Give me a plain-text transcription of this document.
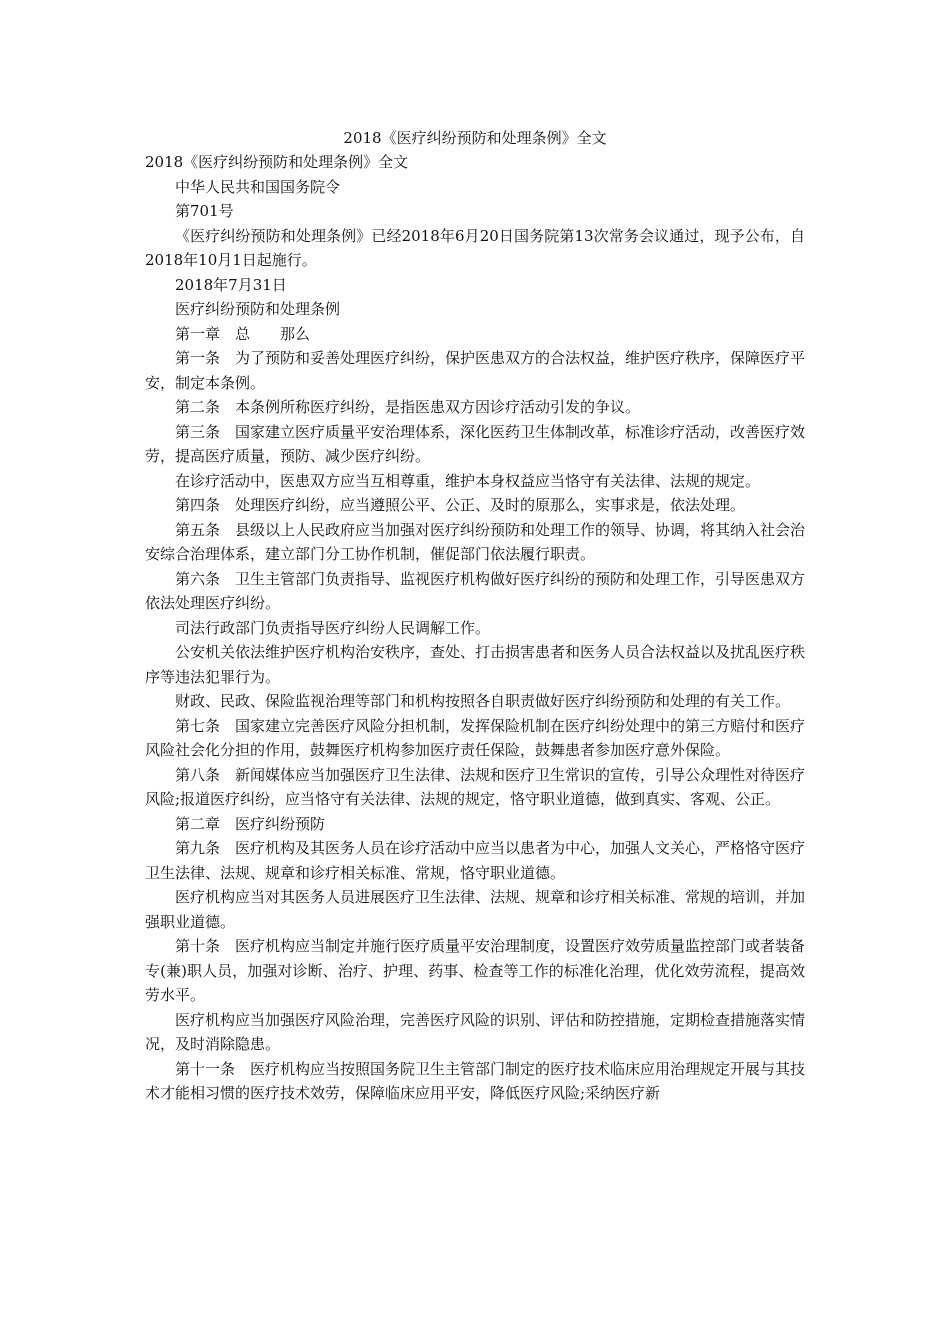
2018《医疗纠纷预防和处理条例》全文

2018《医疗纠纷预防和处理条例》全文

中华人民共和国国务院令

第701号

《医疗纠纷预防和处理条例》已经2018年6月20日国务院第13次常务会议通过，现予公布，自2018年10月1日起施行。

2018年7月31日

医疗纠纷预防和处理条例

第一章　总　　那么

第一条　为了预防和妥善处理医疗纠纷，保护医患双方的合法权益，维护医疗秩序，保障医疗平安，制定本条例。

第二条　本条例所称医疗纠纷，是指医患双方因诊疗活动引发的争议。

第三条　国家建立医疗质量平安治理体系，深化医药卫生体制改革，标准诊疗活动，改善医疗效劳，提高医疗质量，预防、减少医疗纠纷。

在诊疗活动中，医患双方应当互相尊重，维护本身权益应当恪守有关法律、法规的规定。

第四条　处理医疗纠纷，应当遵照公平、公正、及时的原那么，实事求是，依法处理。

第五条　县级以上人民政府应当加强对医疗纠纷预防和处理工作的领导、协调，将其纳入社会治安综合治理体系，建立部门分工协作机制，催促部门依法履行职责。

第六条　卫生主管部门负责指导、监视医疗机构做好医疗纠纷的预防和处理工作，引导医患双方依法处理医疗纠纷。

司法行政部门负责指导医疗纠纷人民调解工作。

公安机关依法维护医疗机构治安秩序，查处、打击损害患者和医务人员合法权益以及扰乱医疗秩序等违法犯罪行为。

财政、民政、保险监视治理等部门和机构按照各自职责做好医疗纠纷预防和处理的有关工作。

第七条　国家建立完善医疗风险分担机制，发挥保险机制在医疗纠纷处理中的第三方赔付和医疗风险社会化分担的作用，鼓舞医疗机构参加医疗责任保险，鼓舞患者参加医疗意外保险。

第八条　新闻媒体应当加强医疗卫生法律、法规和医疗卫生常识的宣传，引导公众理性对待医疗风险;报道医疗纠纷，应当恪守有关法律、法规的规定，恪守职业道德，做到真实、客观、公正。

第二章　医疗纠纷预防

第九条　医疗机构及其医务人员在诊疗活动中应当以患者为中心，加强人文关心，严格恪守医疗卫生法律、法规、规章和诊疗相关标准、常规，恪守职业道德。

医疗机构应当对其医务人员进展医疗卫生法律、法规、规章和诊疗相关标准、常规的培训，并加强职业道德。

第十条　医疗机构应当制定并施行医疗质量平安治理制度，设置医疗效劳质量监控部门或者装备专(兼)职人员，加强对诊断、治疗、护理、药事、检查等工作的标准化治理，优化效劳流程，提高效劳水平。

医疗机构应当加强医疗风险治理，完善医疗风险的识别、评估和防控措施，定期检查措施落实情况，及时消除隐患。

第十一条　医疗机构应当按照国务院卫生主管部门制定的医疗技术临床应用治理规定开展与其技术才能相习惯的医疗技术效劳，保障临床应用平安，降低医疗风险;采纳医疗新
